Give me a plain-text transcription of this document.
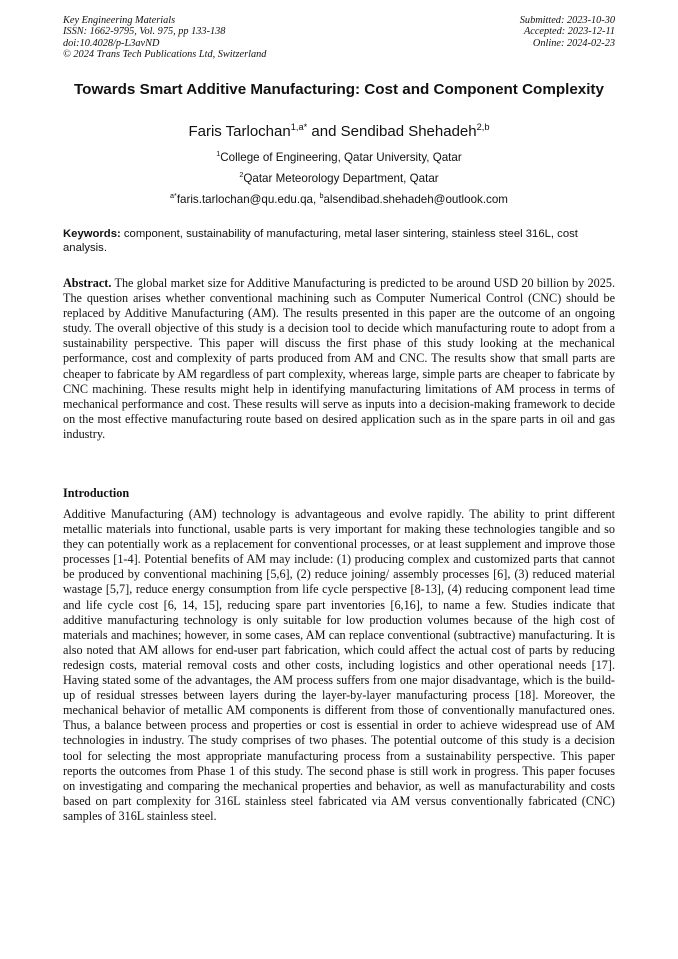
Key Engineering Materials
ISSN: 1662-9795, Vol. 975, pp 133-138
doi:10.4028/p-L3avND
© 2024 Trans Tech Publications Ltd, Switzerland
Submitted: 2023-10-30
Accepted: 2023-12-11
Online: 2024-02-23
Towards Smart Additive Manufacturing: Cost and Component Complexity
Faris Tarlochan$^{1,a*}$ and Sendibad Shehadeh$^{2,b}$
$^1$College of Engineering, Qatar University, Qatar
$^2$Qatar Meteorology Department, Qatar
$^{a*}$faris.tarlochan@qu.edu.qa, $^b$alsendibad.shehadeh@outlook.com
Keywords: component, sustainability of manufacturing, metal laser sintering, stainless steel 316L, cost analysis.
Abstract. The global market size for Additive Manufacturing is predicted to be around USD 20 billion by 2025. The question arises whether conventional machining such as Computer Numerical Control (CNC) should be replaced by Additive Manufacturing (AM). The results presented in this paper are the outcome of an ongoing study. The overall objective of this study is a decision tool to decide which manufacturing route to adopt from a sustainability perspective. This paper will discuss the first phase of this study looking at the mechanical performance, cost and complexity of parts produced from AM and CNC. The results show that small parts are cheaper to fabricate by AM regardless of part complexity, whereas large, simple parts are cheaper to fabricate by CNC machining. These results might help in identifying manufacturing limitations of AM process in terms of mechanical performance and cost. These results will serve as inputs into a decision-making framework to decide on the most effective manufacturing route based on desired application such as in the spare parts in oil and gas industry.
Introduction
Additive Manufacturing (AM) technology is advantageous and evolve rapidly. The ability to print different metallic materials into functional, usable parts is very important for making these technologies tangible and so they can potentially work as a replacement for conventional processes, or at least supplement and improve those processes [1-4]. Potential benefits of AM may include: (1) producing complex and customized parts that cannot be produced by conventional machining [5,6], (2) reduce joining/ assembly processes [6], (3) reduced material wastage [5,7], reduce energy consumption from life cycle perspective [8-13], (4) reducing component lead time and life cycle cost [6, 14, 15], reducing spare part inventories [6,16], to name a few. Studies indicate that additive manufacturing technology is only suitable for low production volumes because of the high cost of materials and machines; however, in some cases, AM can replace conventional (subtractive) manufacturing. It is also noted that AM allows for end-user part fabrication, which could affect the actual cost of parts by reducing redesign costs, material removal costs and other costs, including logistics and other operational needs [17]. Having stated some of the advantages, the AM process suffers from one major disadvantage, which is the build-up of residual stresses between layers during the layer-by-layer manufacturing process [18]. Moreover, the mechanical behavior of metallic AM components is different from those of conventionally manufactured ones. Thus, a balance between process and properties or cost is essential in order to achieve widespread use of AM technologies in industry. The study comprises of two phases. The potential outcome of this study is a decision tool for selecting the most appropriate manufacturing process from a sustainability perspective. This paper reports the outcomes from Phase 1 of this study. The second phase is still work in progress. This paper focuses on investigating and comparing the mechanical properties and behavior, as well as manufacturability and costs based on part complexity for 316L stainless steel fabricated via AM versus conventionally fabricated (CNC) samples of 316L stainless steel.
